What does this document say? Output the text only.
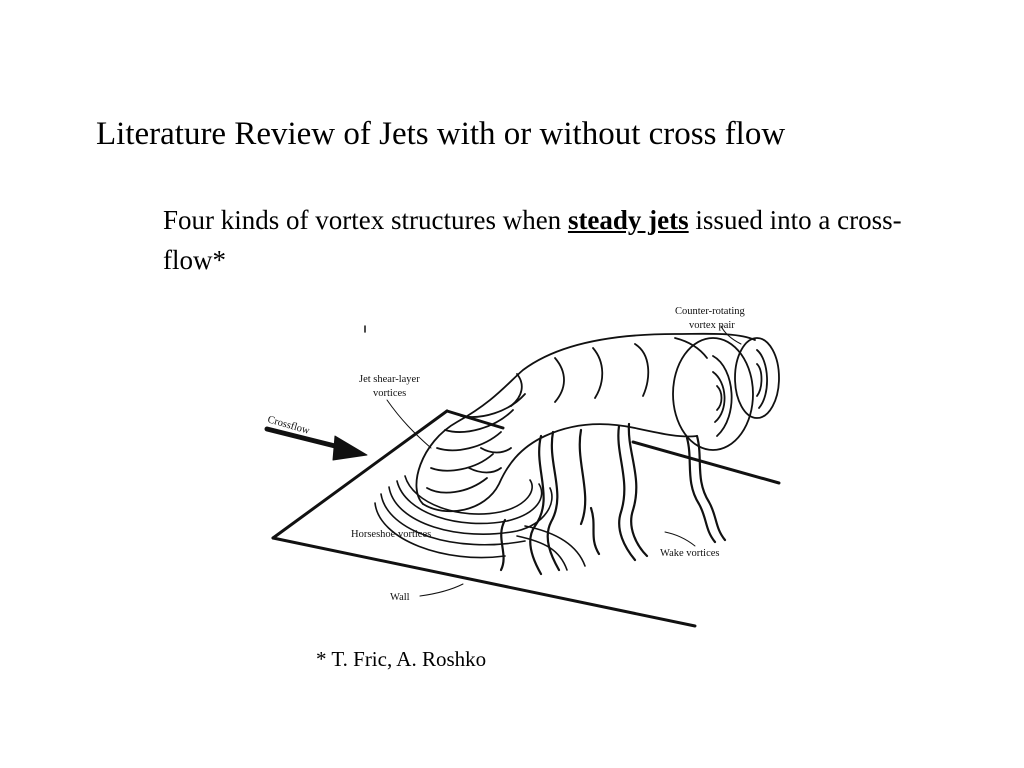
Literature Review of Jets with or without cross flow
Four kinds of vortex structures when steady jets issued into a cross-flow*
Counter-rotating
vortex pair
Jet shear-layer
vortices
Crossflow
Horseshoe vortices
Wake vortices
Wall
* T. Fric, A. Roshko
